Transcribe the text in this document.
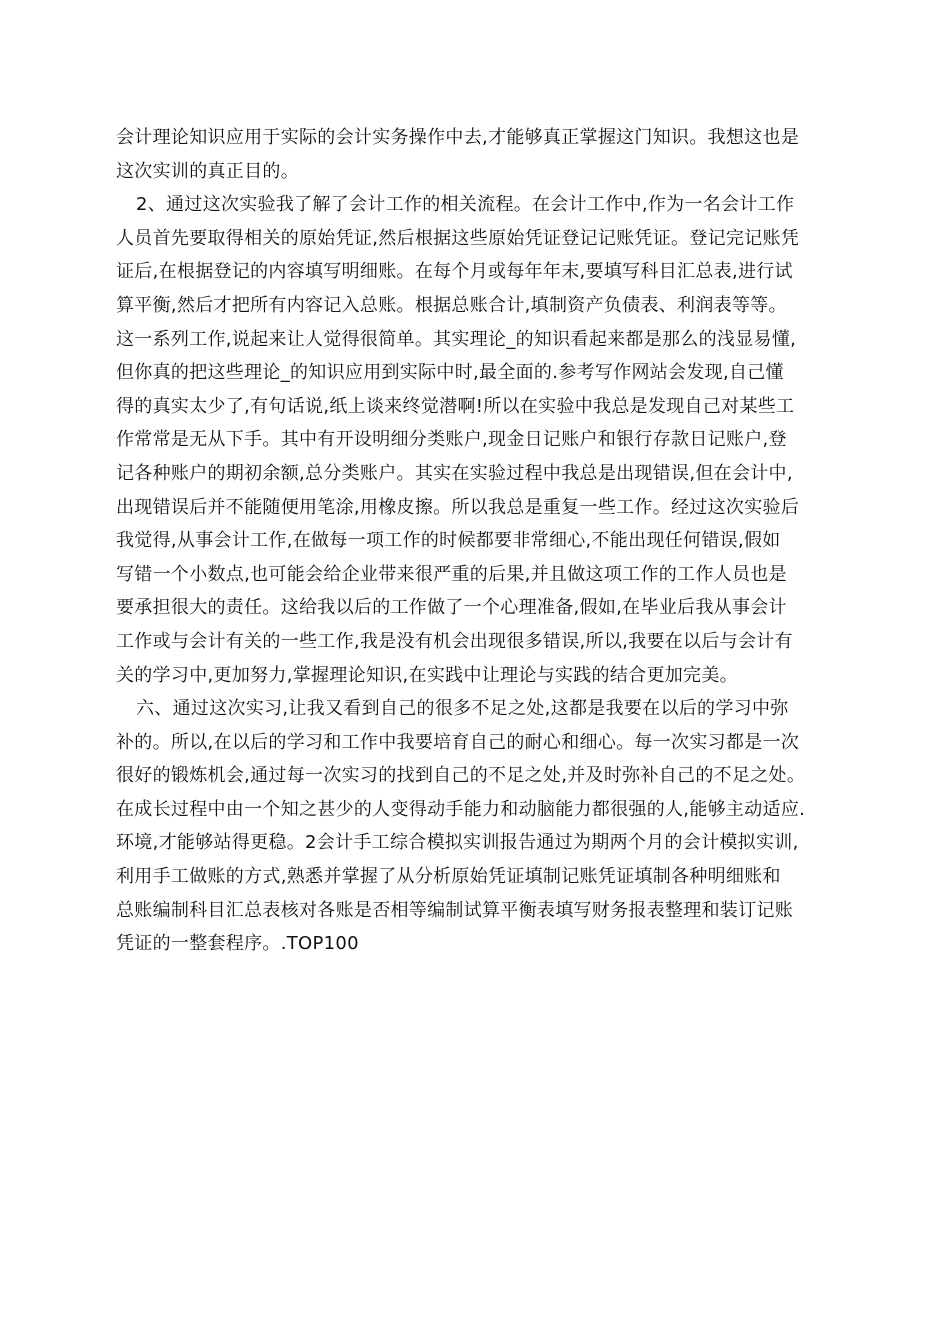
会计理论知识应用于实际的会计实务操作中去,才能够真正掌握这门知识。我想这也是
这次实训的真正目的。
2、通过这次实验我了解了会计工作的相关流程。在会计工作中,作为一名会计工作
人员首先要取得相关的原始凭证,然后根据这些原始凭证登记记账凭证。登记完记账凭
证后,在根据登记的内容填写明细账。在每个月或每年年末,要填写科目汇总表,进行试
算平衡,然后才把所有内容记入总账。根据总账合计,填制资产负债表、利润表等等。
这一系列工作,说起来让人觉得很简单。其实理论_的知识看起来都是那么的浅显易懂,
但你真的把这些理论_的知识应用到实际中时,最全面的.参考写作网站会发现,自己懂
得的真实太少了,有句话说,纸上谈来终觉潜啊!所以在实验中我总是发现自己对某些工
作常常是无从下手。其中有开设明细分类账户,现金日记账户和银行存款日记账户,登
记各种账户的期初余额,总分类账户。其实在实验过程中我总是出现错误,但在会计中,
出现错误后并不能随便用笔涂,用橡皮擦。所以我总是重复一些工作。经过这次实验后
我觉得,从事会计工作,在做每一项工作的时候都要非常细心,不能出现任何错误,假如
写错一个小数点,也可能会给企业带来很严重的后果,并且做这项工作的工作人员也是
要承担很大的责任。这给我以后的工作做了一个心理准备,假如,在毕业后我从事会计
工作或与会计有关的一些工作,我是没有机会出现很多错误,所以,我要在以后与会计有
关的学习中,更加努力,掌握理论知识,在实践中让理论与实践的结合更加完美。
六、通过这次实习,让我又看到自己的很多不足之处,这都是我要在以后的学习中弥
补的。所以,在以后的学习和工作中我要培育自己的耐心和细心。每一次实习都是一次
很好的锻炼机会,通过每一次实习的找到自己的不足之处,并及时弥补自己的不足之处。
在成长过程中由一个知之甚少的人变得动手能力和动脑能力都很强的人,能够主动适应.
环境,才能够站得更稳。2会计手工综合模拟实训报告通过为期两个月的会计模拟实训,
利用手工做账的方式,熟悉并掌握了从分析原始凭证填制记账凭证填制各种明细账和
总账编制科目汇总表核对各账是否相等编制试算平衡表填写财务报表整理和装订记账
凭证的一整套程序。.TOP100
